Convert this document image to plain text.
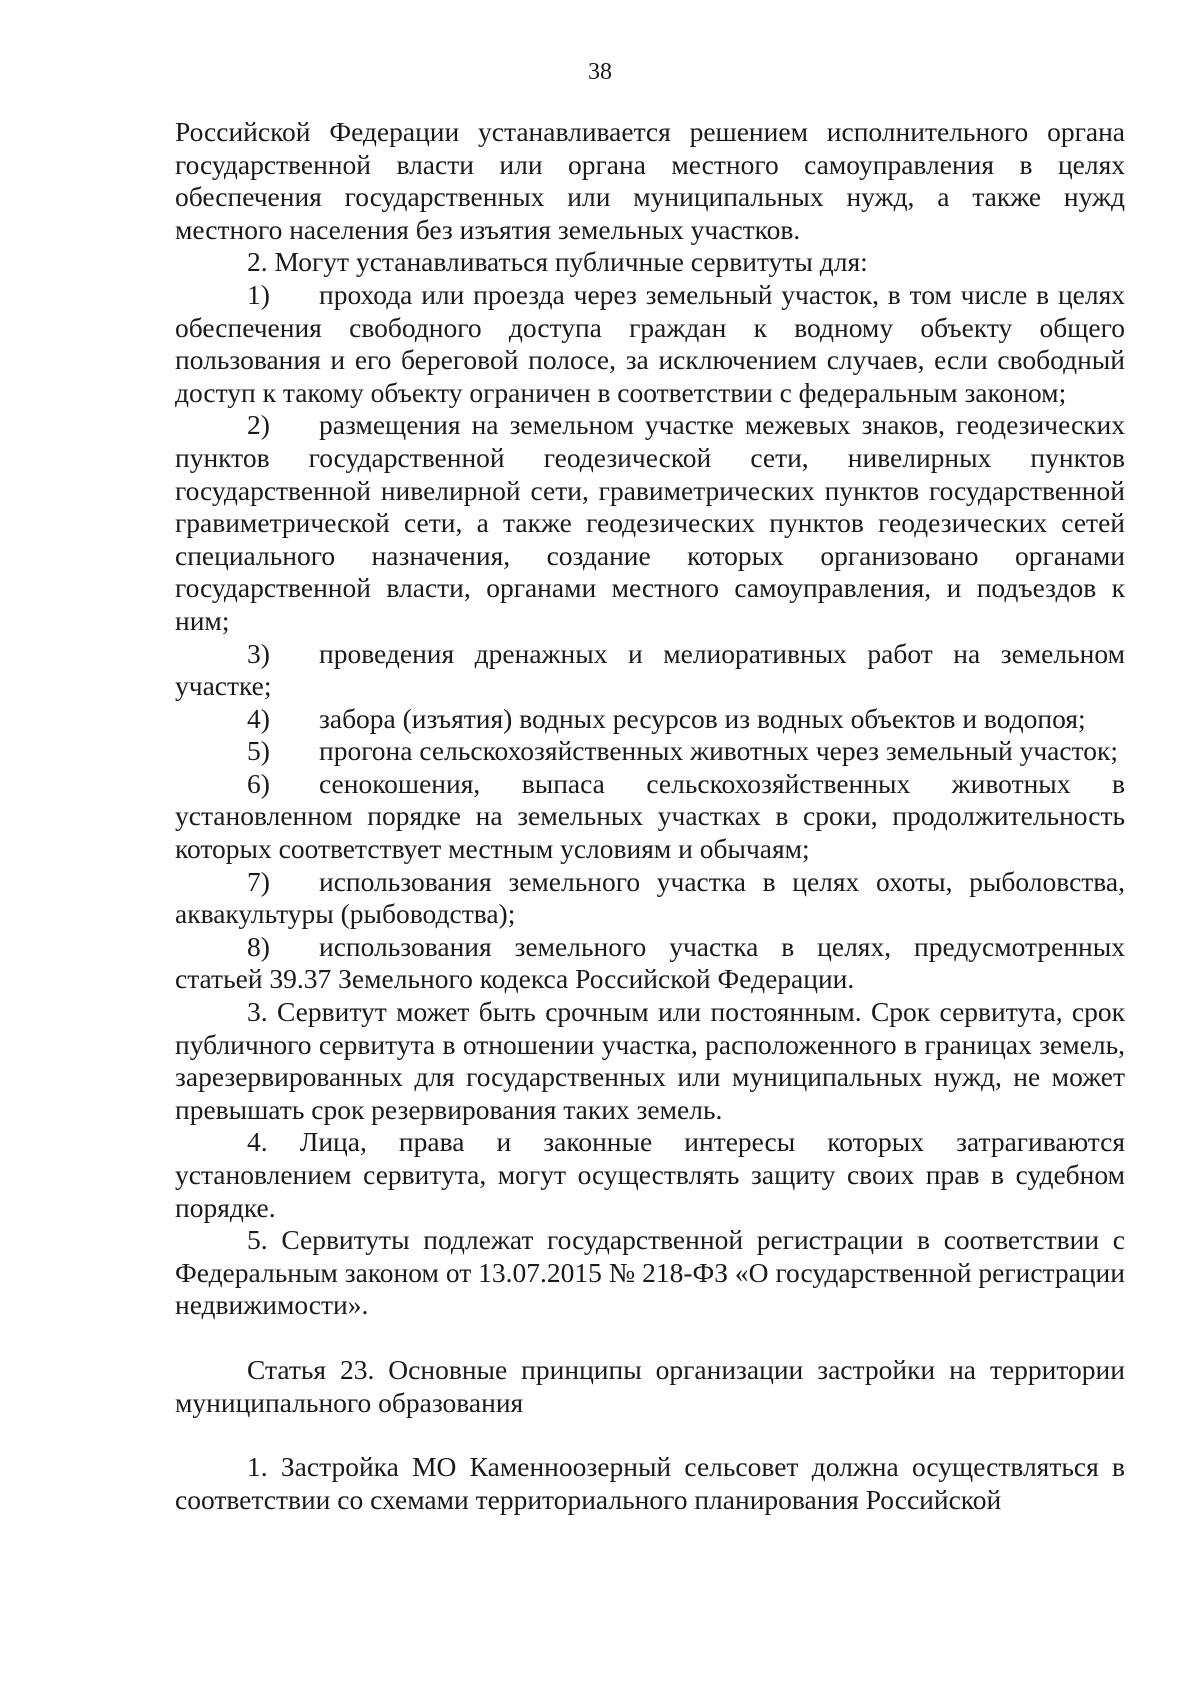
38

Российской Федерации устанавливается решением исполнительного органа государственной власти или органа местного самоуправления в целях обеспечения государственных или муниципальных нужд, а также нужд местного населения без изъятия земельных участков.

2. Могут устанавливаться публичные сервитуты для:

1) прохода или проезда через земельный участок, в том числе в целях обеспечения свободного доступа граждан к водному объекту общего пользования и его береговой полосе, за исключением случаев, если свободный доступ к такому объекту ограничен в соответствии с федеральным законом;

2) размещения на земельном участке межевых знаков, геодезических пунктов государственной геодезической сети, нивелирных пунктов государственной нивелирной сети, гравиметрических пунктов государственной гравиметрической сети, а также геодезических пунктов геодезических сетей специального назначения, создание которых организовано органами государственной власти, органами местного самоуправления, и подъездов к ним;

3) проведения дренажных и мелиоративных работ на земельном участке;

4) забора (изъятия) водных ресурсов из водных объектов и водопоя;

5) прогона сельскохозяйственных животных через земельный участок;

6) сенокошения, выпаса сельскохозяйственных животных в установленном порядке на земельных участках в сроки, продолжительность которых соответствует местным условиям и обычаям;

7) использования земельного участка в целях охоты, рыболовства, аквакультуры (рыбоводства);

8) использования земельного участка в целях, предусмотренных статьей 39.37 Земельного кодекса Российской Федерации.

3. Сервитут может быть срочным или постоянным. Срок сервитута, срок публичного сервитута в отношении участка, расположенного в границах земель, зарезервированных для государственных или муниципальных нужд, не может превышать срок резервирования таких земель.

4. Лица, права и законные интересы которых затрагиваются установлением сервитута, могут осуществлять защиту своих прав в судебном порядке.

5. Сервитуты подлежат государственной регистрации в соответствии с Федеральным законом от 13.07.2015 № 218-ФЗ «О государственной регистрации недвижимости».

Статья 23. Основные принципы организации застройки на территории муниципального образования

1. Застройка МО Каменноозерный сельсовет должна осуществляться в соответствии со схемами территориального планирования Российской
